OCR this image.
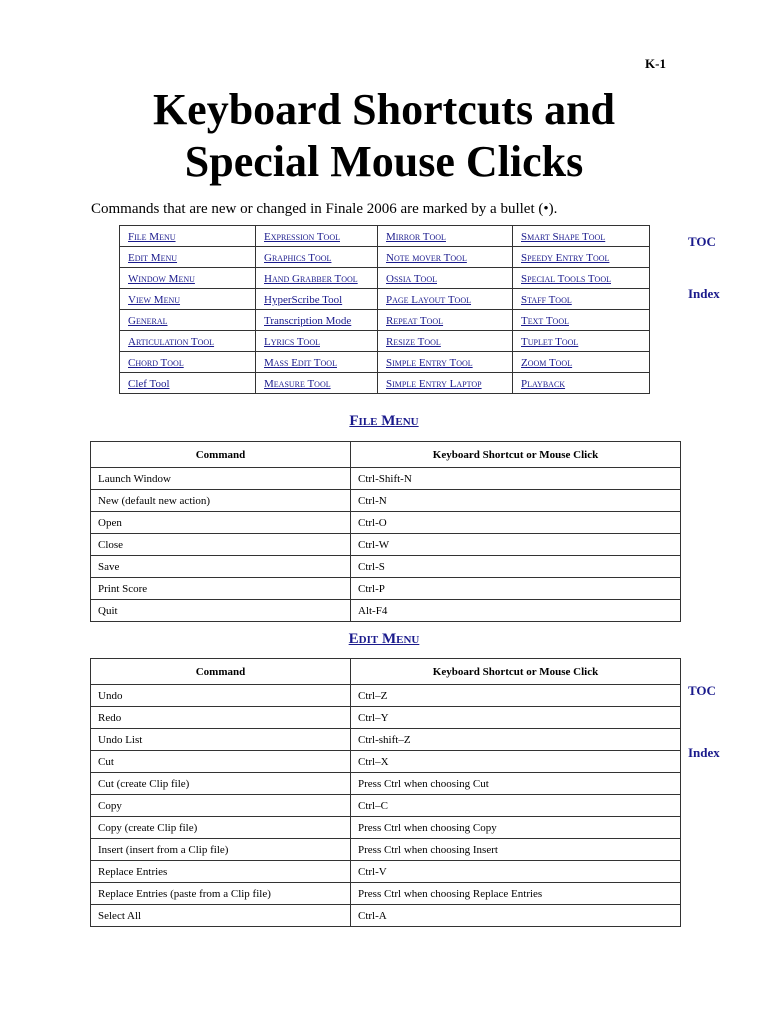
K-1
Keyboard Shortcuts and
Special Mouse Clicks
Commands that are new or changed in Finale 2006 are marked by a bullet (•).
TOC
Index
TOC
Index
File Menu	Expression Tool	Mirror Tool	Smart Shape Tool
Edit Menu	Graphics Tool	Note mover Tool	Speedy Entry Tool
Window Menu	Hand Grabber Tool	Ossia Tool	Special Tools Tool
View Menu	HyperScribe Tool	Page Layout Tool	Staff Tool
General	Transcription Mode	Repeat Tool	Text Tool
Articulation Tool	Lyrics Tool	Resize Tool	Tuplet Tool
Chord Tool	Mass Edit Tool	Simple Entry Tool	Zoom Tool
Clef Tool	Measure Tool	Simple Entry Laptop	Playback
File Menu
Command	Keyboard Shortcut or Mouse Click
Launch Window	Ctrl-Shift-N
New (default new action)	Ctrl-N
Open	Ctrl-O
Close	Ctrl-W
Save	Ctrl-S
Print Score	Ctrl-P
Quit	Alt-F4
Edit Menu
Command	Keyboard Shortcut or Mouse Click
Undo	Ctrl–Z
Redo	Ctrl–Y
Undo List	Ctrl-shift–Z
Cut	Ctrl–X
Cut (create Clip file)	Press Ctrl when choosing Cut
Copy	Ctrl–C
Copy (create Clip file)	Press Ctrl when choosing Copy
Insert (insert from a Clip file)	Press Ctrl when choosing Insert
Replace Entries	Ctrl-V
Replace Entries (paste from a Clip file)	Press Ctrl when choosing Replace Entries
Select All	Ctrl-A
